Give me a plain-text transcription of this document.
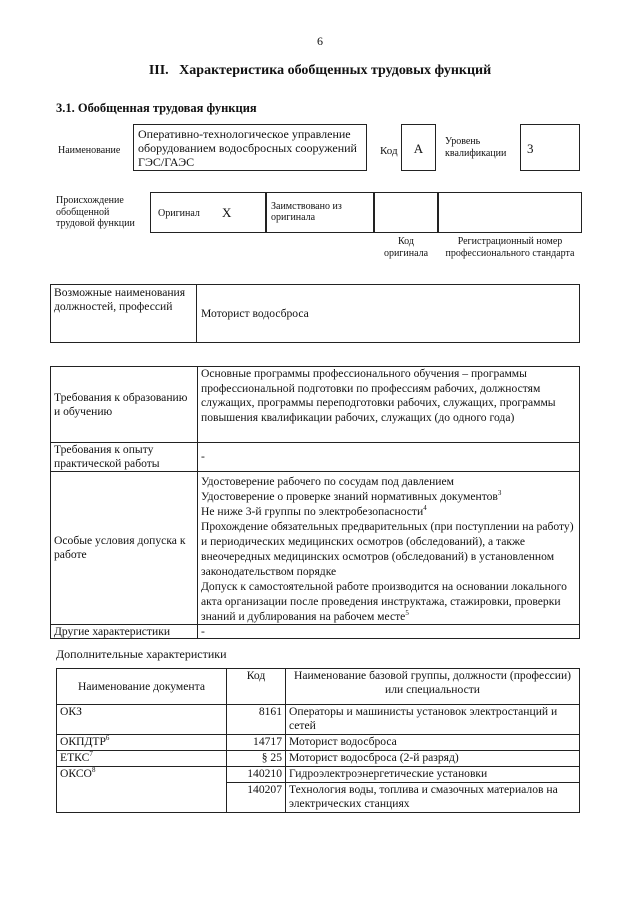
6
III.   Характеристика обобщенных трудовых функций
3.1. Обобщенная трудовая функция
Наименование
Оперативно-технологическое управление оборудованием водосбросных сооружений ГЭС/ГАЭС
Код	А	Уровень квалификации	3
Происхождение обобщенной трудовой функции
Оригинал X	Заимствовано из оригинала
Код оригинала
Регистрационный номер профессионального стандарта
Возможные наименования должностей, профессий	Моторист водосброса
Требования к образованию и обучению	Основные программы профессионального обучения – программы профессиональной подготовки по профессиям рабочих, должностям служащих, программы переподготовки рабочих, служащих, программы повышения квалификации рабочих, служащих (до одного года)
Требования к опыту практической работы	-
Особые условия допуска к работе	Удостоверение рабочего по сосудам под давлением
Удостоверение о проверке знаний нормативных документов$^3$
Не ниже 3-й группы по электробезопасности$^4$
Прохождение обязательных предварительных (при поступлении на работу) и периодических медицинских осмотров (обследований), а также внеочередных медицинских осмотров (обследований) в установленном законодательством порядке
Допуск к самостоятельной работе производится на основании локального акта организации после проведения инструктажа, стажировки, проверки знаний и дублирования на рабочем месте$^5$

Другие характеристики	-
Дополнительные характеристики
Наименование документа	Код	Наименование базовой группы, должности (профессии) или специальности
ОКЗ	8161	Операторы и машинисты установок электростанций и сетей
ОКПДТР$^6$	14717	Моторист водосброса
ЕТКС$^7$	§ 25	Моторист водосброса (2-й разряд)
ОКСО$^8$	140210	Гидроэлектроэнергетические установки
	140207	Технология воды, топлива и смазочных материалов на электрических станциях
